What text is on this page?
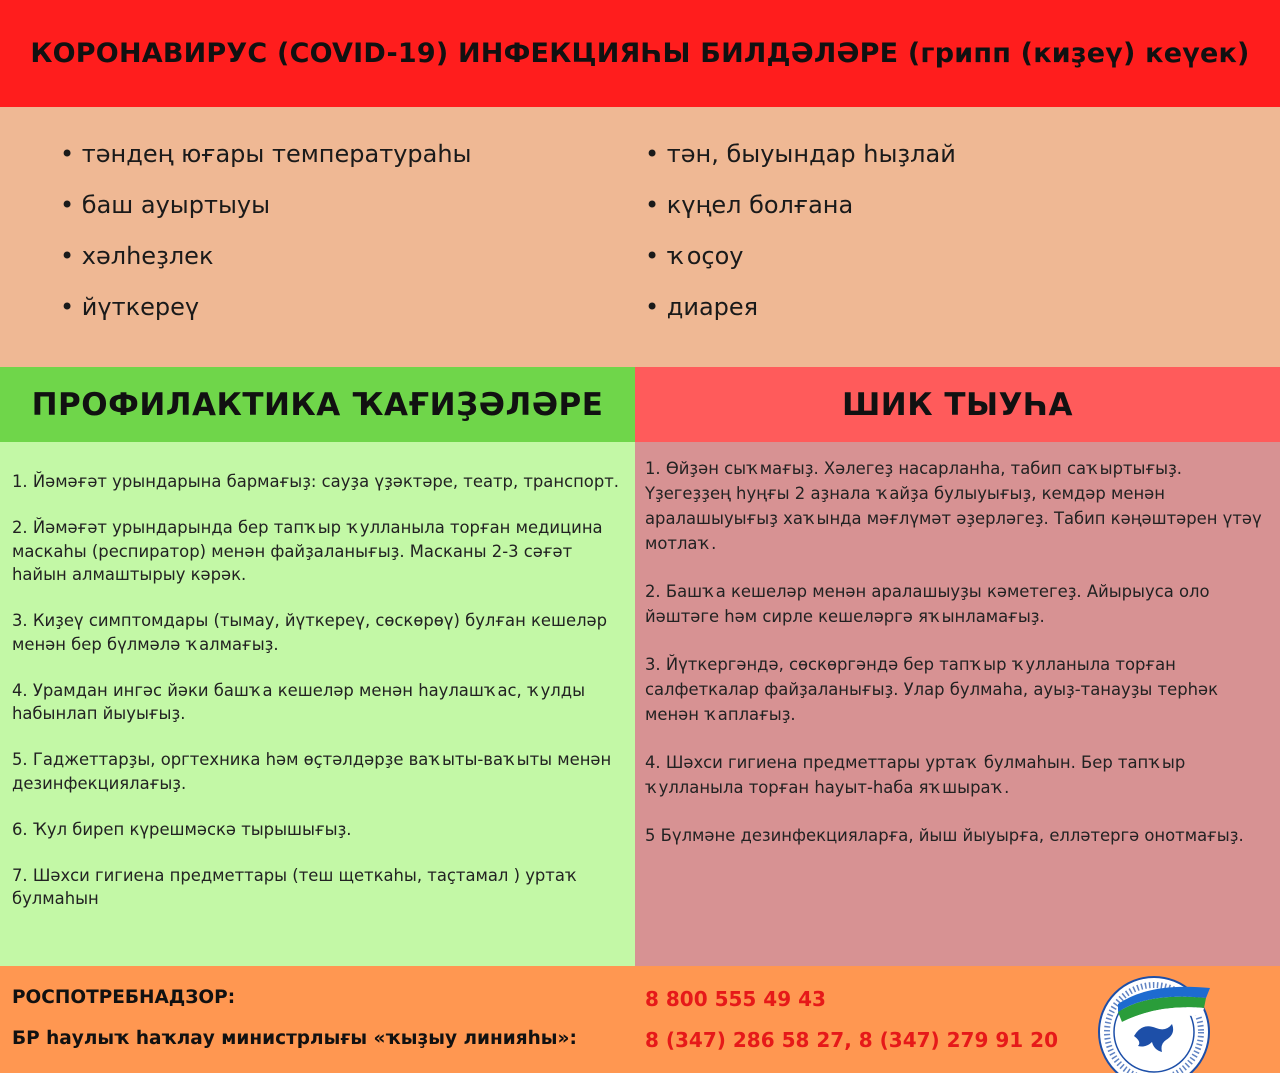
КОРОНАВИРУС (COVID-19) ИНФЕКЦИЯҺЫ БИЛДӘЛӘРЕ (грипп (киҙеү) кеүек)
• тәндең юғары температураһы
• баш ауыртыуы
• хәлһеҙлек
• йүткереү
• тән, быуындар һыҙлай
• күңел болғана
• ҡоҫоу
• диарея
ПРОФИЛАКТИКА ҠАҒИҘӘЛӘРЕ	ШИК ТЫУҺА

1. Йәмәғәт урындарына бармағыҙ: сауҙа үҙәктәре, театр, транспорт.

2. Йәмәғәт урындарында бер тапҡыр ҡулланыла торған медицина маскаһы (респиратор) менән файҙаланығыҙ. Масканы 2-3 сәғәт һайын алмаштырыу кәрәк.

3. Киҙеү симптомдары (тымау, йүткереү, сөскөрөү) булған кешеләр менән бер бүлмәлә ҡалмағыҙ.

4. Урамдан ингәс йәки башҡа кешеләр менән һаулашҡас, ҡулды һабынлап йыуығыҙ.

5. Гаджеттарҙы, оргтехника һәм өҫтәлдәрҙе ваҡыты-ваҡыты менән дезинфекциялағыҙ.

6. Ҡул биреп күрешмәскә тырышығыҙ.

7. Шәхси гигиена предметтары (теш щеткаһы, таҫтамал ) уртаҡ булмаһын

1. Өйҙән сыҡмағыҙ. Хәлегеҙ насарланһа, табип саҡыртығыҙ. Үҙегеҙҙең һуңғы 2 аҙнала ҡайҙа булыуығыҙ, кемдәр менән аралашыуығыҙ хаҡында мәғлүмәт әҙерләгеҙ. Табип кәңәштәрен үтәү мотлаҡ.

2. Башҡа кешеләр менән аралашыуҙы кәметегеҙ. Айырыуса оло йәштәге һәм сирле кешеләргә яҡынламағыҙ.

3. Йүткергәндә, сөскөргәндә бер тапҡыр ҡулланыла торған салфеткалар файҙаланығыҙ. Улар булмаһа, ауыҙ-танауҙы терһәк менән ҡаплағыҙ.

4. Шәхси гигиена предметтары уртаҡ булмаһын. Бер тапҡыр ҡулланыла торған һауыт-һаба яҡшыраҡ.

5 Бүлмәне дезинфекцияларға, йыш йыуырға, елләтергә онотмағыҙ.

РОСПОТРЕБНАДЗОР:	8 800 555 49 43
БР һаулыҡ һаҡлау министрлығы «ҡыҙыу линияһы»:	8 (347) 286 58 27, 8 (347) 279 91 20
